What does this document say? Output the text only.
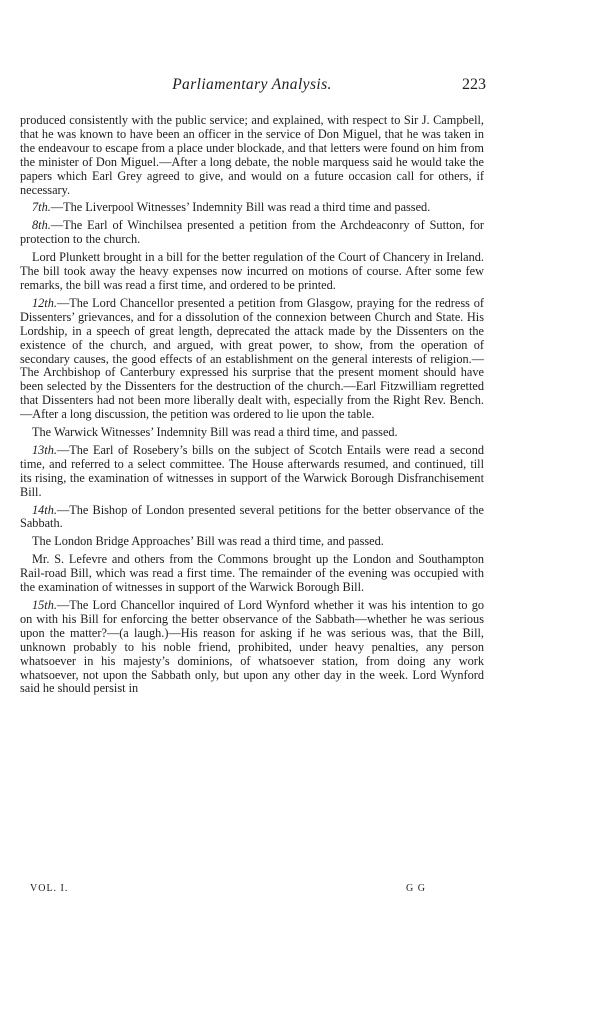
Parliamentary Analysis.	223

produced consistently with the public service; and explained, with respect to Sir J. Campbell, that he was known to have been an officer in the service of Don Miguel, that he was taken in the endeavour to escape from a place under blockade, and that letters were found on him from the minister of Don Miguel.—After a long debate, the noble marquess said he would take the papers which Earl Grey agreed to give, and would on a future occasion call for others, if necessary.

7th.—The Liverpool Witnesses’ Indemnity Bill was read a third time and passed.

8th.—The Earl of Winchilsea presented a petition from the Archdeaconry of Sutton, for protection to the church.

Lord Plunkett brought in a bill for the better regulation of the Court of Chancery in Ireland. The bill took away the heavy expenses now incurred on motions of course. After some few remarks, the bill was read a first time, and ordered to be printed.

12th.—The Lord Chancellor presented a petition from Glasgow, praying for the redress of Dissenters’ grievances, and for a dissolution of the connexion between Church and State. His Lordship, in a speech of great length, deprecated the attack made by the Dissenters on the existence of the church, and argued, with great power, to show, from the operation of secondary causes, the good effects of an establishment on the general interests of religion.—The Archbishop of Canterbury expressed his surprise that the present moment should have been selected by the Dissenters for the destruction of the church.—Earl Fitzwilliam regretted that Dissenters had not been more liberally dealt with, especially from the Right Rev. Bench.—After a long discussion, the petition was ordered to lie upon the table.

The Warwick Witnesses’ Indemnity Bill was read a third time, and passed.

13th.—The Earl of Rosebery’s bills on the subject of Scotch Entails were read a second time, and referred to a select committee. The House afterwards resumed, and continued, till its rising, the examination of witnesses in support of the Warwick Borough Disfranchisement Bill.

14th.—The Bishop of London presented several petitions for the better observance of the Sabbath.

The London Bridge Approaches’ Bill was read a third time, and passed.

Mr. S. Lefevre and others from the Commons brought up the London and Southampton Rail-road Bill, which was read a first time. The remainder of the evening was occupied with the examination of witnesses in support of the Warwick Borough Bill.

15th.—The Lord Chancellor inquired of Lord Wynford whether it was his intention to go on with his Bill for enforcing the better observance of the Sabbath—whether he was serious upon the matter?—(a laugh.)—His reason for asking if he was serious was, that the Bill, unknown probably to his noble friend, prohibited, under heavy penalties, any person whatsoever in his majesty’s dominions, of whatsoever station, from doing any work whatsoever, not upon the Sabbath only, but upon any other day in the week. Lord Wynford said he should persist in

VOL. I.	G G
